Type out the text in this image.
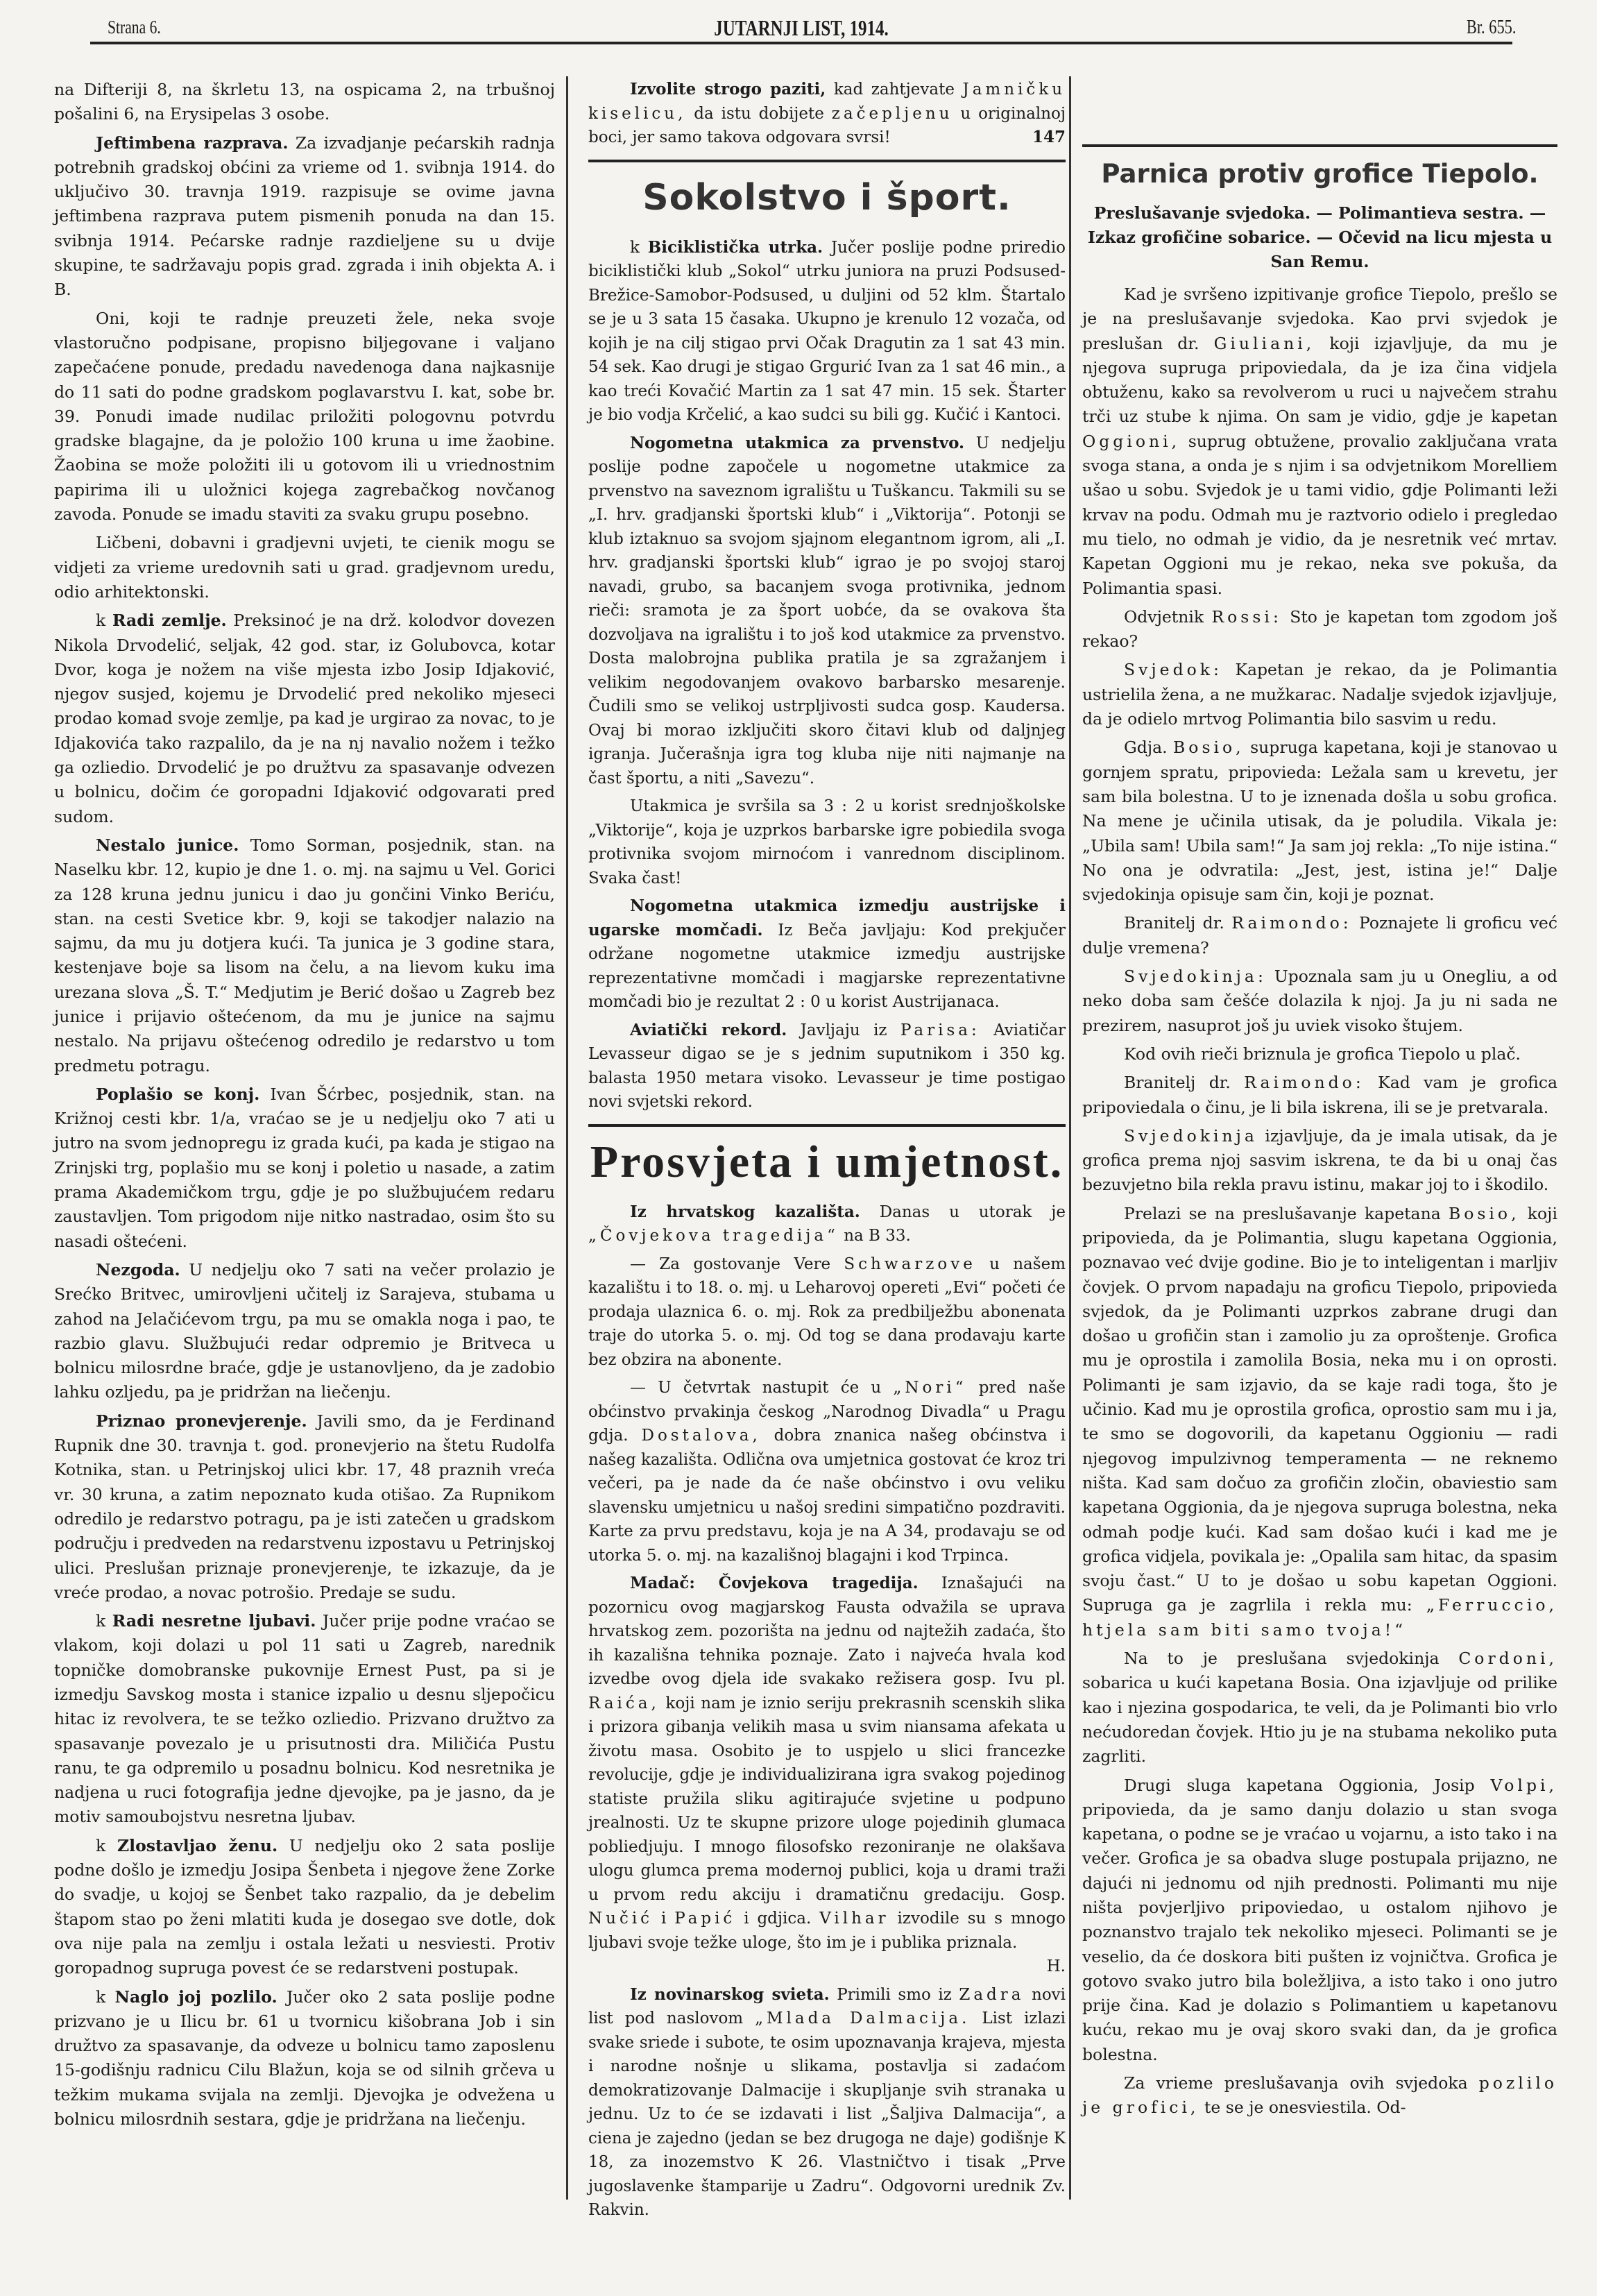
Strana 6.	JUTARNJI LIST, 1914.	Br. 655.

na Difteriji 8, na škrletu 13, na ospicama 2, na trbušnoj pošalini 6, na Erysipelas 3 osobe.

Jeftimbena razprava. Za izvadjanje pećarskih radnja potrebnih gradskoj obćini za vrieme od 1. svibnja 1914. do uključivo 30. travnja 1919. razpisuje se ovime javna jeftimbena razprava putem pismenih ponuda na dan 15. svibnja 1914. Pećarske radnje razdieljene su u dvije skupine, te sadržavaju popis grad. zgrada i inih objekta A. i B.

Oni, koji te radnje preuzeti žele, neka svoje vlastoručno podpisane, propisno biljegovane i valjano zapečaćene ponude, predadu navedenoga dana najkasnije do 11 sati do podne gradskom poglavarstvu I. kat, sobe br. 39. Ponudi imade nudilac priložiti pologovnu potvrdu gradske blagajne, da je položio 100 kruna u ime žaobine. Žaobina se može položiti ili u gotovom ili u vriednostnim papirima ili u uložnici kojega zagrebačkog novčanog zavoda. Ponude se imadu staviti za svaku grupu posebno.

Ličbeni, dobavni i gradjevni uvjeti, te cienik mogu se vidjeti za vrieme uredovnih sati u grad. gradjevnom uredu, odio arhitektonski.

k Radi zemlje. Preksinoć je na drž. kolodvor dovezen Nikola Drvodelić, seljak, 42 god. star, iz Golubovca, kotar Dvor, koga je nožem na više mjesta izbo Josip Idjaković, njegov susjed, kojemu je Drvodelić pred nekoliko mjeseci prodao komad svoje zemlje, pa kad je urgirao za novac, to je Idjakovića tako razpalilo, da je na nj navalio nožem i težko ga ozliedio. Drvodelić je po družtvu za spasavanje odvezen u bolnicu, dočim će goropadni Idjaković odgovarati pred sudom.

Nestalo junice. Tomo Sorman, posjednik, stan. na Naselku kbr. 12, kupio je dne 1. o. mj. na sajmu u Vel. Gorici za 128 kruna jednu junicu i dao ju gončini Vinko Beriću, stan. na cesti Svetice kbr. 9, koji se takodjer nalazio na sajmu, da mu ju dotjera kući. Ta junica je 3 godine stara, kestenjave boje sa lisom na čelu, a na lievom kuku ima urezana slova „Š. T.“ Medjutim je Berić došao u Zagreb bez junice i prijavio oštećenom, da mu je junice na sajmu nestalo. Na prijavu oštećenog odredilo je redarstvo u tom predmetu potragu.

Poplašio se konj. Ivan Šćrbec, posjednik, stan. na Križnoj cesti kbr. 1/a, vraćao se je u nedjelju oko 7 ati u jutro na svom jednopregu iz grada kući, pa kada je stigao na Zrinjski trg, poplašio mu se konj i poletio u nasade, a zatim prama Akademičkom trgu, gdje je po službujućem redaru zaustavljen. Tom prigodom nije nitko nastradao, osim što su nasadi oštećeni.

Nezgoda. U nedjelju oko 7 sati na večer prolazio je Srećko Britvec, umirovljeni učitelj iz Sarajeva, stubama u zahod na Jelačićevom trgu, pa mu se omakla noga i pao, te razbio glavu. Službujući redar odpremio je Britveca u bolnicu milosrdne braće, gdje je ustanovljeno, da je zadobio lahku ozljedu, pa je pridržan na liečenju.

Priznao pronevjerenje. Javili smo, da je Ferdinand Rupnik dne 30. travnja t. god. pronevjerio na štetu Rudolfa Kotnika, stan. u Petrinjskoj ulici kbr. 17, 48 praznih vreća vr. 30 kruna, a zatim nepoznato kuda otišao. Za Rupnikom odredilo je redarstvo potragu, pa je isti zatečen u gradskom području i predveden na redarstvenu izpostavu u Petrinjskoj ulici. Preslušan priznaje pronevjerenje, te izkazuje, da je vreće prodao, a novac potrošio. Predaje se sudu.

k Radi nesretne ljubavi. Jučer prije podne vraćao se vlakom, koji dolazi u pol 11 sati u Zagreb, narednik topničke domobranske pukovnije Ernest Pust, pa si je izmedju Savskog mosta i stanice izpalio u desnu sljepočicu hitac iz revolvera, te se težko ozliedio. Prizvano družtvo za spasavanje povezalo je u prisutnosti dra. Miličića Pustu ranu, te ga odpremilo u posadnu bolnicu. Kod nesretnika je nadjena u ruci fotografija jedne djevojke, pa je jasno, da je motiv samoubojstvu nesretna ljubav.

k Zlostavljao ženu. U nedjelju oko 2 sata poslije podne došlo je izmedju Josipa Šenbeta i njegove žene Zorke do svadje, u kojoj se Šenbet tako razpalio, da je debelim štapom stao po ženi mlatiti kuda je dosegao sve dotle, dok ova nije pala na zemlju i ostala ležati u nesviesti. Protiv goropadnog supruga povest će se redarstveni postupak.

k Naglo joj pozlilo. Jučer oko 2 sata poslije podne prizvano je u Ilicu br. 61 u tvornicu kišobrana Job i sin družtvo za spasavanje, da odveze u bolnicu tamo zaposlenu 15-godišnju radnicu Cilu Blažun, koja se od silnih grčeva u težkim mukama svijala na zemlji. Djevojka je odvežena u bolnicu milosrdnih sestara, gdje je pridržana na liečenju.

Izvolite strogo paziti, kad zahtjevate Jamničku kiselicu, da istu dobijete začepljenu u originalnoj boci, jer samo takova odgovara svrsi!	147

Sokolstvo i šport.

k Biciklistička utrka. Jučer poslije podne priredio biciklistički klub „Sokol“ utrku juniora na pruzi Podsused-Brežice-Samobor-Podsused, u duljini od 52 klm. Štartalo se je u 3 sata 15 časaka. Ukupno je krenulo 12 vozača, od kojih je na cilj stigao prvi Očak Dragutin za 1 sat 43 min. 54 sek. Kao drugi je stigao Grgurić Ivan za 1 sat 46 min., a kao treći Kovačić Martin za 1 sat 47 min. 15 sek. Štarter je bio vodja Krčelić, a kao sudci su bili gg. Kučić i Kantoci.

Nogometna utakmica za prvenstvo. U nedjelju poslije podne započele u nogometne utakmice za prvenstvo na saveznom igralištu u Tuškancu. Takmili su se „I. hrv. gradjanski športski klub“ i „Viktorija“. Potonji se klub iztaknuo sa svojom sjajnom elegantnom igrom, ali „I. hrv. gradjanski športski klub“ igrao je po svojoj staroj navadi, grubo, sa bacanjem svoga protivnika, jednom rieči: sramota je za šport uobće, da se ovakova šta dozvoljava na igralištu i to još kod utakmice za prvenstvo. Dosta malobrojna publika pratila je sa zgražanjem i velikim negodovanjem ovakovo barbarsko mesarenje. Čudili smo se velikoj ustrpljivosti sudca gosp. Kaudersa. Ovaj bi morao izključiti skoro čitavi klub od daljnjeg igranja. Jučerašnja igra tog kluba nije niti najmanje na čast športu, a niti „Savezu“.

Utakmica je svršila sa 3 : 2 u korist srednjoškolske „Viktorije“, koja je uzprkos barbarske igre pobiedila svoga protivnika svojom mirnoćom i vanrednom disciplinom. Svaka čast!

Nogometna utakmica izmedju austrijske i ugarske momčadi. Iz Beča javljaju: Kod prekjučer održane nogometne utakmice izmedju austrijske reprezentativne momčadi i magjarske reprezentativne momčadi bio je rezultat 2 : 0 u korist Austrijanaca.

Aviatički rekord. Javljaju iz Parisa: Aviatičar Levasseur digao se je s jednim suputnikom i 350 kg. balasta 1950 metara visoko. Levasseur je time postigao novi svjetski rekord.

Prosvjeta i umjetnost.

Iz hrvatskog kazališta. Danas u utorak je „Čovjekova tragedija“ na B 33.

— Za gostovanje Vere Schwarzove u našem kazalištu i to 18. o. mj. u Leharovoj opereti „Evi“ početi će prodaja ulaznica 6. o. mj. Rok za predbilježbu abonenata traje do utorka 5. o. mj. Od tog se dana prodavaju karte bez obzira na abonente.

— U četvrtak nastupit će u „Nori“ pred naše obćinstvo prvakinja českog „Narodnog Divadla“ u Pragu gdja. Dostalova, dobra znanica našeg obćinstva i našeg kazališta. Odlična ova umjetnica gostovat će kroz tri večeri, pa je nade da će naše obćinstvo i ovu veliku slavensku umjetnicu u našoj sredini simpatično pozdraviti. Karte za prvu predstavu, koja je na A 34, prodavaju se od utorka 5. o. mj. na kazališnoj blagajni i kod Trpinca.

Madač: Čovjekova tragedija. Iznašajući na pozornicu ovog magjarskog Fausta odvažila se uprava hrvatskog zem. pozorišta na jednu od najtežih zadaća, što ih kazališna tehnika poznaje. Zato i najveća hvala kod izvedbe ovog djela ide svakako režisera gosp. Ivu pl. Raića, koji nam je iznio seriju prekrasnih scenskih slika i prizora gibanja velikih masa u svim niansama afekata u životu masa. Osobito je to uspjelo u slici francezke revolucije, gdje je individualizirana igra svakog pojedinog statiste pružila sliku agitirajuće svjetine u podpuno jrealnosti. Uz te skupne prizore uloge pojedinih glumaca pobliedjuju. I mnogo filosofsko rezoniranje ne olakšava ulogu glumca prema modernoj publici, koja u drami traži u prvom redu akciju i dramatičnu gredaciju. Gosp. Nučić i Papić i gdjica. Vilhar izvodile su s mnogo ljubavi svoje težke uloge, što im je i publika priznala.
H.

Iz novinarskog svieta. Primili smo iz Zadra novi list pod naslovom „Mlada Dalmacija. List izlazi svake sriede i subote, te osim upoznavanja krajeva, mjesta i narodne nošnje u slikama, postavlja si zadaćom demokratizovanje Dalmacije i skupljanje svih stranaka u jednu. Uz to će se izdavati i list „Šaljiva Dalmacija“, a ciena je zajedno (jedan se bez drugoga ne daje) godišnje K 18, za inozemstvo K 26. Vlastničtvo i tisak „Prve jugoslavenke štamparije u Zadru“. Odgovorni urednik Zv. Rakvin.

Parnica protiv grofice Tiepolo.
Preslušavanje svjedoka. — Polimantieva sestra. — Izkaz grofičine sobarice. — Očevid na licu mjesta u San Remu.

Kad je svršeno izpitivanje grofice Tiepolo, prešlo se je na preslušavanje svjedoka. Kao prvi svjedok je preslušan dr. Giuliani, koji izjavljuje, da mu je njegova supruga pripoviedala, da je iza čina vidjela obtuženu, kako sa revolverom u ruci u največem strahu trči uz stube k njima. On sam je vidio, gdje je kapetan Oggioni, suprug obtužene, provalio zaključana vrata svoga stana, a onda je s njim i sa odvjetnikom Morelliem ušao u sobu. Svjedok je u tami vidio, gdje Polimanti leži krvav na podu. Odmah mu je raztvorio odielo i pregledao mu tielo, no odmah je vidio, da je nesretnik već mrtav. Kapetan Oggioni mu je rekao, neka sve pokuša, da Polimantia spasi.

Odvjetnik Rossi: Sto je kapetan tom zgodom još rekao?

Svjedok: Kapetan je rekao, da je Polimantia ustrielila žena, a ne mužkarac. Nadalje svjedok izjavljuje, da je odielo mrtvog Polimantia bilo sasvim u redu.

Gdja. Bosio, supruga kapetana, koji je stanovao u gornjem spratu, pripovieda: Ležala sam u krevetu, jer sam bila bolestna. U to je iznenada došla u sobu grofica. Na mene je učinila utisak, da je poludila. Vikala je: „Ubila sam! Ubila sam!“ Ja sam joj rekla: „To nije istina.“ No ona je odvratila: „Jest, jest, istina je!“ Dalje svjedokinja opisuje sam čin, koji je poznat.

Branitelj dr. Raimondo: Poznajete li groficu već dulje vremena?

Svjedokinja: Upoznala sam ju u Onegliu, a od neko doba sam češće dolazila k njoj. Ja ju ni sada ne prezirem, nasuprot još ju uviek visoko štujem.

Kod ovih rieči briznula je grofica Tiepolo u plač.

Branitelj dr. Raimondo: Kad vam je grofica pripoviedala o činu, je li bila iskrena, ili se je pretvarala.

Svjedokinja izjavljuje, da je imala utisak, da je grofica prema njoj sasvim iskrena, te da bi u onaj čas bezuvjetno bila rekla pravu istinu, makar joj to i škodilo.

Prelazi se na preslušavanje kapetana Bosio, koji pripovieda, da je Polimantia, slugu kapetana Oggionia, poznavao već dvije godine. Bio je to inteligentan i marljiv čovjek. O prvom napadaju na groficu Tiepolo, pripovieda svjedok, da je Polimanti uzprkos zabrane drugi dan došao u grofičin stan i zamolio ju za oproštenje. Grofica mu je oprostila i zamolila Bosia, neka mu i on oprosti. Polimanti je sam izjavio, da se kaje radi toga, što je učinio. Kad mu je oprostila grofica, oprostio sam mu i ja, te smo se dogovorili, da kapetanu Oggioniu — radi njegovog impulzivnog temperamenta — ne reknemo ništa. Kad sam dočuo za grofičin zločin, obaviestio sam kapetana Oggionia, da je njegova supruga bolestna, neka odmah podje kući. Kad sam došao kući i kad me je grofica vidjela, povikala je: „Opalila sam hitac, da spasim svoju čast.“ U to je došao u sobu kapetan Oggioni. Supruga ga je zagrlila i rekla mu: „Ferruccio, htjela sam biti samo tvoja!“

Na to je preslušana svjedokinja Cordoni, sobarica u kući kapetana Bosia. Ona izjavljuje od prilike kao i njezina gospodarica, te veli, da je Polimanti bio vrlo nećudoredan čovjek. Htio ju je na stubama nekoliko puta zagrliti.

Drugi sluga kapetana Oggionia, Josip Volpi, pripovieda, da je samo danju dolazio u stan svoga kapetana, o podne se je vraćao u vojarnu, a isto tako i na večer. Grofica je sa obadva sluge postupala prijazno, ne dajući ni jednomu od njih prednosti. Polimanti mu nije ništa povjerljivo pripoviedao, u ostalom njihovo je poznanstvo trajalo tek nekoliko mjeseci. Polimanti se je veselio, da će doskora biti pušten iz vojničtva. Grofica je gotovo svako jutro bila boležljiva, a isto tako i ono jutro prije čina. Kad je dolazio s Polimantiem u kapetanovu kuću, rekao mu je ovaj skoro svaki dan, da je grofica bolestna.

Za vrieme preslušavanja ovih svjedoka pozlilo je grofici, te se je onesviestila. Od-
